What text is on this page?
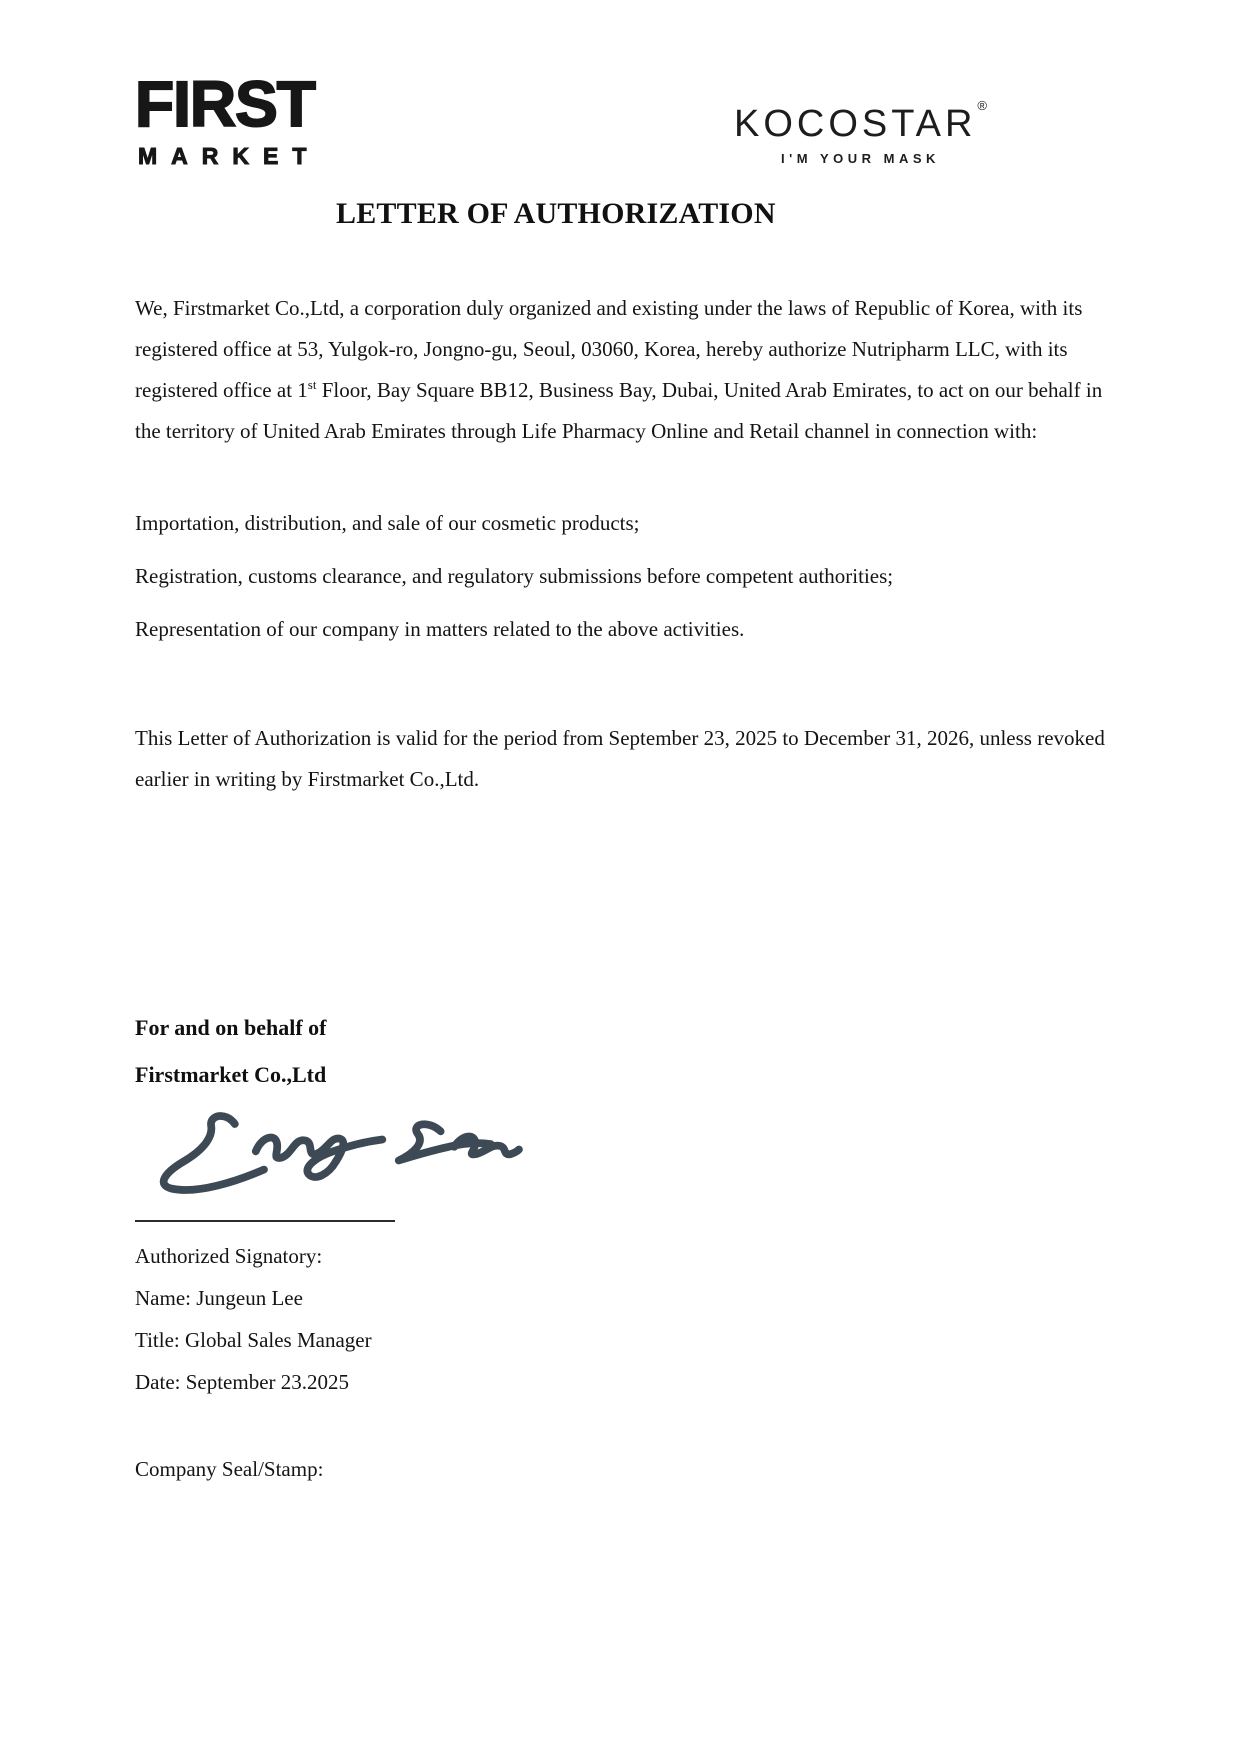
FIRST
MARKET
KOCOSTAR®
I'M YOUR MASK
LETTER OF AUTHORIZATION

We, Firstmarket Co.,Ltd, a corporation duly organized and existing under the laws of Republic of Korea, with its registered office at 53, Yulgok-ro, Jongno-gu, Seoul, 03060, Korea, hereby authorize Nutripharm LLC, with its registered office at 1st Floor, Bay Square BB12, Business Bay, Dubai, United Arab Emirates, to act on our behalf in the territory of United Arab Emirates through Life Pharmacy Online and Retail channel in connection with:

Importation, distribution, and sale of our cosmetic products;

Registration, customs clearance, and regulatory submissions before competent authorities;

Representation of our company in matters related to the above activities.

This Letter of Authorization is valid for the period from September 23, 2025 to December 31, 2026, unless revoked earlier in writing by Firstmarket Co.,Ltd.

For and on behalf of

Firstmarket Co.,Ltd

Authorized Signatory:

Name: Jungeun Lee

Title: Global Sales Manager

Date: September 23.2025

Company Seal/Stamp:
